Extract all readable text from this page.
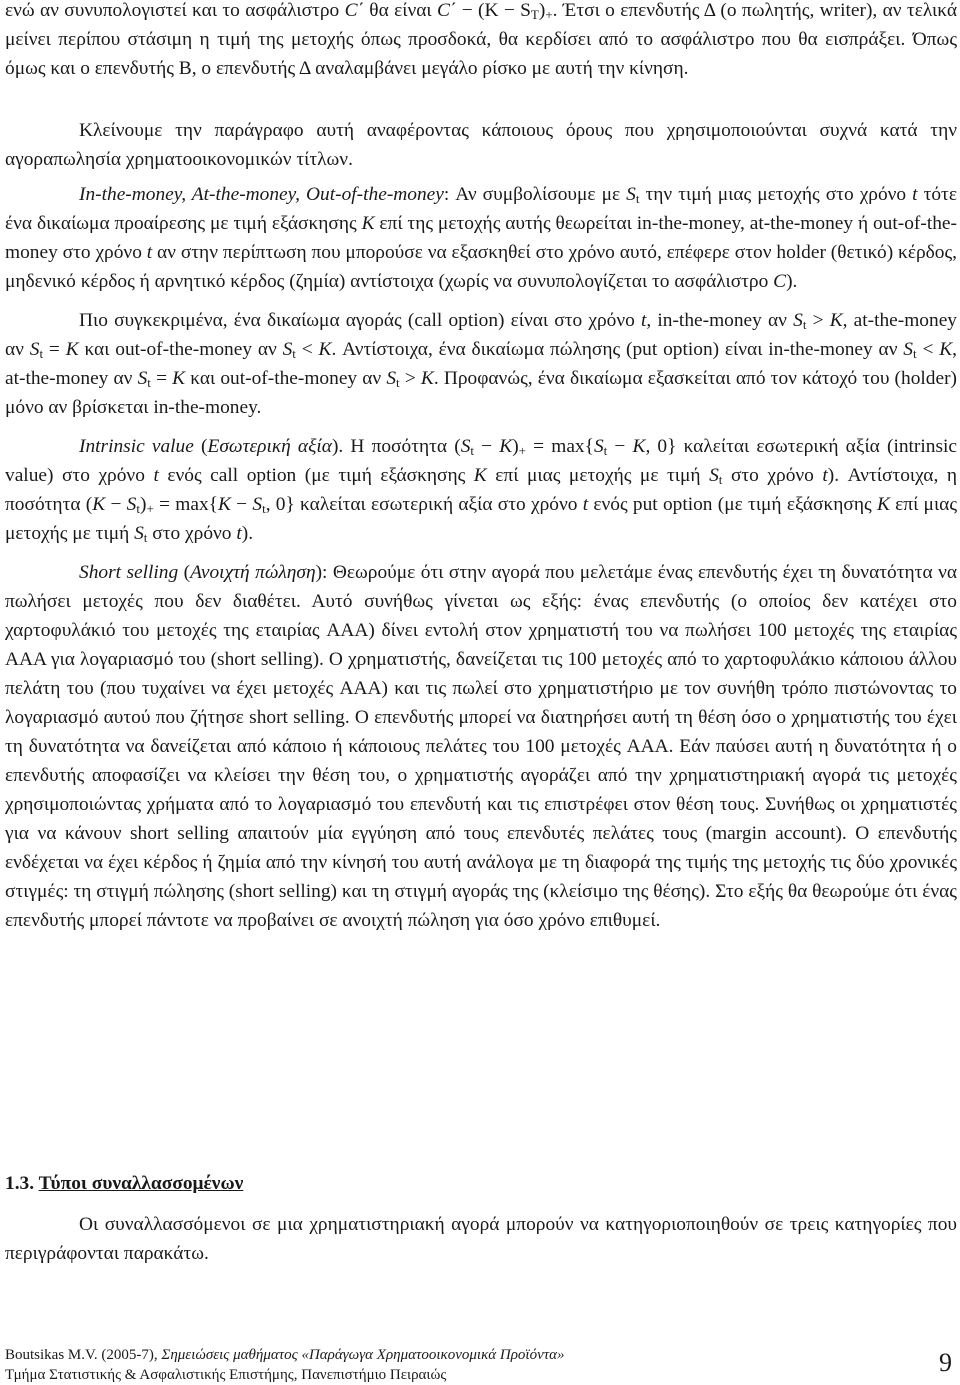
ενώ αν συνυπολογιστεί και το ασφάλιστρο C΄ θα είναι $C΄ - (K - S_T)_+$. Έτσι ο επενδυτής Δ (ο πωλητής, writer), αν τελικά μείνει περίπου στάσιμη η τιμή της μετοχής όπως προσδοκά, θα κερδίσει από το ασφάλιστρο που θα εισπράξει. Όπως όμως και ο επενδυτής B, ο επενδυτής Δ αναλαμβάνει μεγάλο ρίσκο με αυτή την κίνηση.

Κλείνουμε την παράγραφο αυτή αναφέροντας κάποιους όρους που χρησιμοποιούνται συχνά κατά την αγοραπωλησία χρηματοοικονομικών τίτλων.

In-the-money, At-the-money, Out-of-the-money: Αν συμβολίσουμε με $S_t$ την τιμή μιας μετοχής στο χρόνο t τότε ένα δικαίωμα προαίρεσης με τιμή εξάσκησης K επί της μετοχής αυτής θεωρείται in-the-money, at-the-money ή out-of-the-money στο χρόνο t αν στην περίπτωση που μπορούσε να εξασκηθεί στο χρόνο αυτό, επέφερε στον holder (θετικό) κέρδος, μηδενικό κέρδος ή αρνητικό κέρδος (ζημία) αντίστοιχα (χωρίς να συνυπολογίζεται το ασφάλιστρο C).

Πιο συγκεκριμένα, ένα δικαίωμα αγοράς (call option) είναι στο χρόνο t, in-the-money αν $S_t > K$, at-the-money αν $S_t = K$ και out-of-the-money αν $S_t < K$. Αντίστοιχα, ένα δικαίωμα πώλησης (put option) είναι in-the-money αν $S_t < K$, at-the-money αν $S_t = K$ και out-of-the-money αν $S_t > K$. Προφανώς, ένα δικαίωμα εξασκείται από τον κάτοχό του (holder) μόνο αν βρίσκεται in-the-money.

Intrinsic value (Εσωτερική αξία). Η ποσότητα $(S_t - K)_+ = \max\{S_t - K$, 0} καλείται εσωτερική αξία (intrinsic value) στο χρόνο t ενός call option (με τιμή εξάσκησης K επί μιας μετοχής με τιμή $S_t$ στο χρόνο t). Αντίστοιχα, η ποσότητα $(K - S_t)_+ = \max\{K - S_t$, 0} καλείται εσωτερική αξία στο χρόνο t ενός put option (με τιμή εξάσκησης K επί μιας μετοχής με τιμή $S_t$ στο χρόνο t).

Short selling (Ανοιχτή πώληση): Θεωρούμε ότι στην αγορά που μελετάμε ένας επενδυτής έχει τη δυνατότητα να πωλήσει μετοχές που δεν διαθέτει. Αυτό συνήθως γίνεται ως εξής: ένας επενδυτής (ο οποίος δεν κατέχει στο χαρτοφυλάκιό του μετοχές της εταιρίας AAA) δίνει εντολή στον χρηματιστή του να πωλήσει 100 μετοχές της εταιρίας AAA για λογαριασμό του (short selling). Ο χρηματιστής, δανείζεται τις 100 μετοχές από το χαρτοφυλάκιο κάποιου άλλου πελάτη του (που τυχαίνει να έχει μετοχές AAA) και τις πωλεί στο χρηματιστήριο με τον συνήθη τρόπο πιστώνοντας το λογαριασμό αυτού που ζήτησε short selling. Ο επενδυτής μπορεί να διατηρήσει αυτή τη θέση όσο ο χρηματιστής του έχει τη δυνατότητα να δανείζεται από κάποιο ή κάποιους πελάτες του 100 μετοχές AAA. Εάν παύσει αυτή η δυνατότητα ή ο επενδυτής αποφασίζει να κλείσει την θέση του, ο χρηματιστής αγοράζει από την χρηματιστηριακή αγορά τις μετοχές χρησιμοποιώντας χρήματα από το λογαριασμό του επενδυτή και τις επιστρέφει στον θέση τους. Συνήθως οι χρηματιστές για να κάνουν short selling απαιτούν μία εγγύηση από τους επενδυτές πελάτες τους (margin account). Ο επενδυτής ενδέχεται να έχει κέρδος ή ζημία από την κίνησή του αυτή ανάλογα με τη διαφορά της τιμής της μετοχής τις δύο χρονικές στιγμές: τη στιγμή πώλησης (short selling) και τη στιγμή αγοράς της (κλείσιμο της θέσης). Στο εξής θα θεωρούμε ότι ένας επενδυτής μπορεί πάντοτε να προβαίνει σε ανοιχτή πώληση για όσο χρόνο επιθυμεί.

1.3. Τύποι συναλλασσομένων

Οι συναλλασσόμενοι σε μια χρηματιστηριακή αγορά μπορούν να κατηγοριοποιηθούν σε τρεις κατηγορίες που περιγράφονται παρακάτω.

Boutsikas M.V. (2005-7), Σημειώσεις μαθήματος «Παράγωγα Χρηματοοικονομικά Προϊόντα»
Τμήμα Στατιστικής & Ασφαλιστικής Επιστήμης, Πανεπιστήμιο Πειραιώς	9
